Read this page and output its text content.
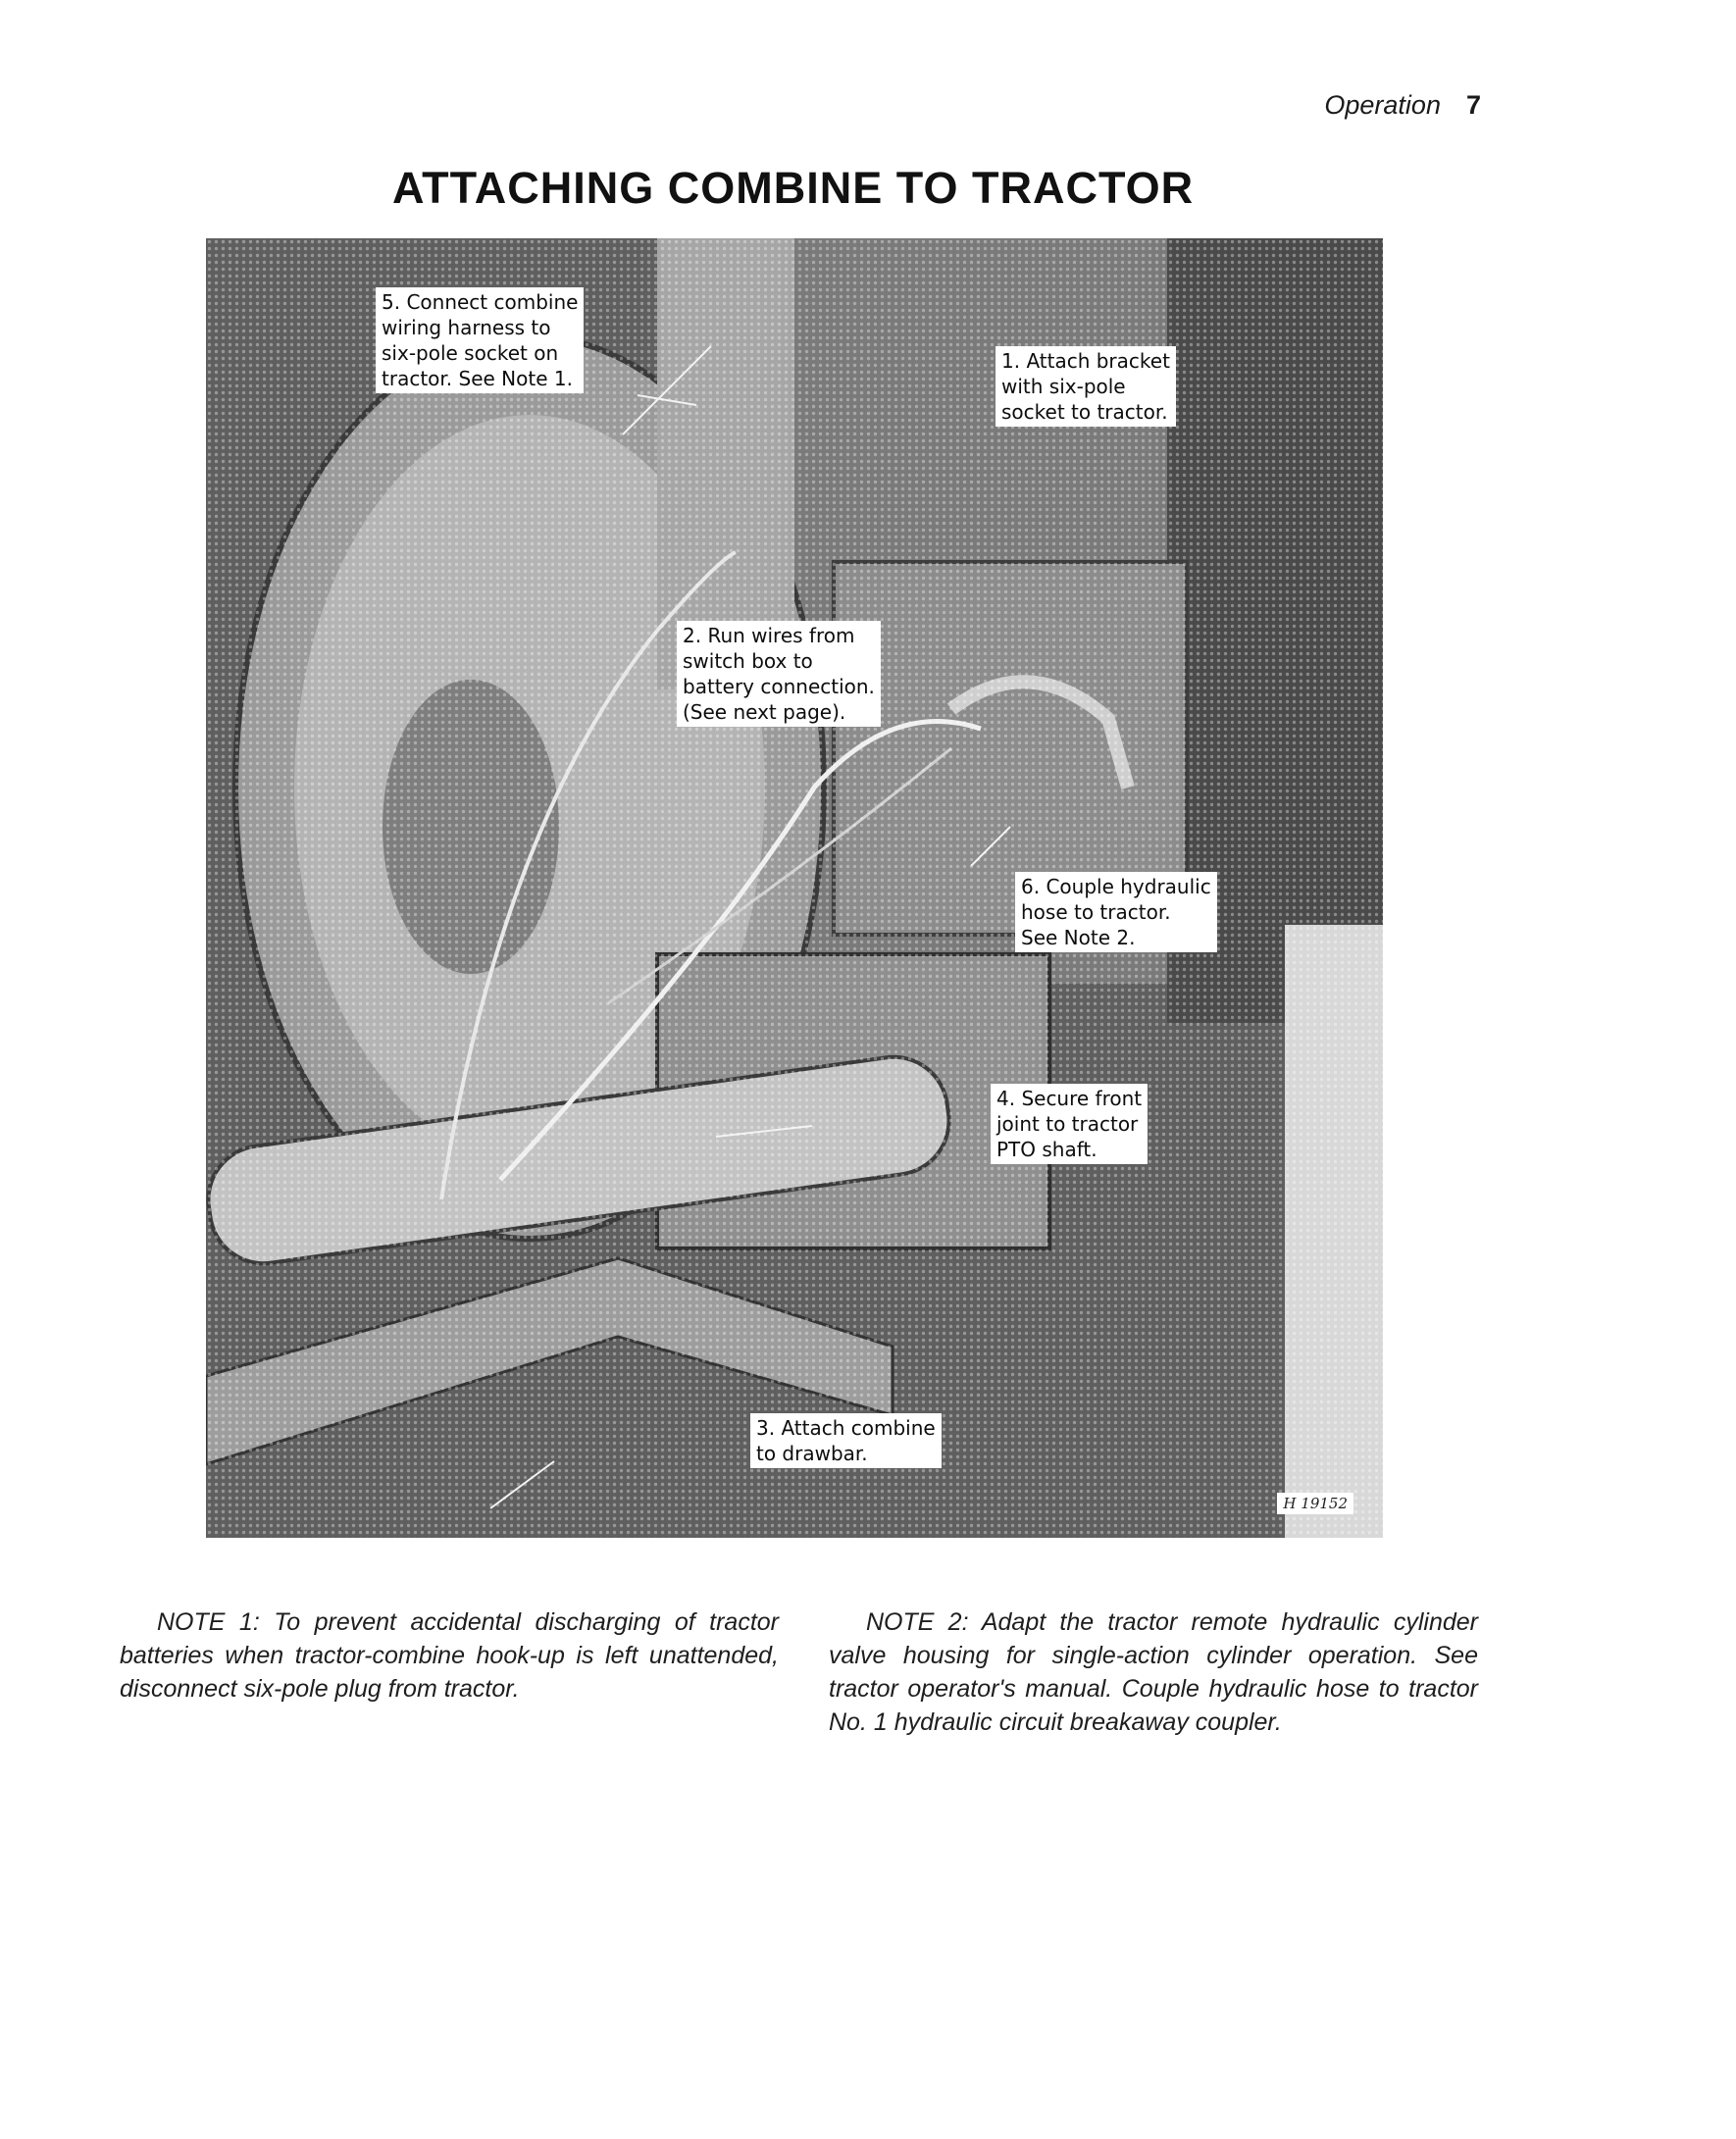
Operation 7
ATTACHING COMBINE TO TRACTOR
5. Connect combine
wiring harness to
six-pole socket on
tractor. See Note 1.
1. Attach bracket
with six-pole
socket to tractor.
2. Run wires from
switch box to
battery connection.
(See next page).
6. Couple hydraulic
hose to tractor.
See Note 2.
4. Secure front
joint to tractor
PTO shaft.
3. Attach combine
to drawbar.
H 19152

NOTE 1: To prevent accidental discharging of tractor batteries when tractor-combine hook-up is left unattended, disconnect six-pole plug from tractor.

NOTE 2: Adapt the tractor remote hydraulic cylinder valve housing for single-action cylinder operation. See tractor operator's manual. Couple hydraulic hose to tractor No. 1 hydraulic circuit breakaway coupler.
